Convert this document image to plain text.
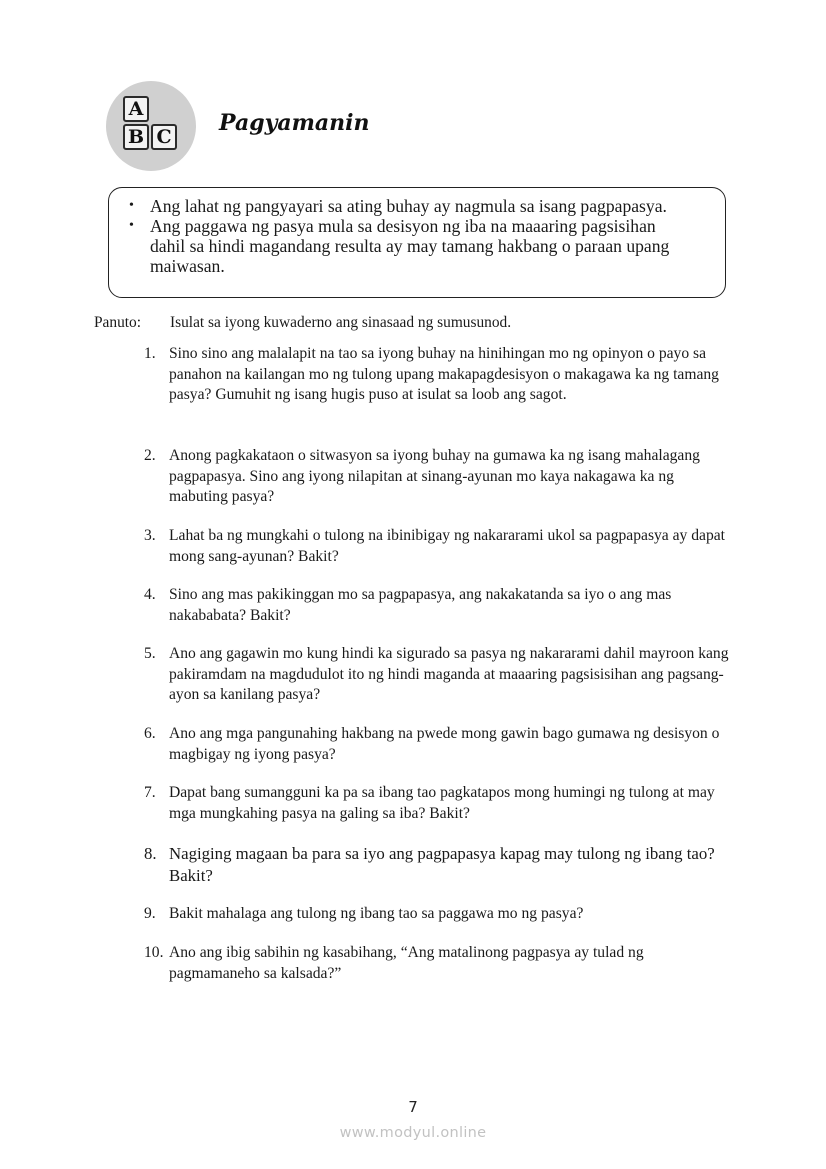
A
B C
Pagyamanin
• Ang lahat ng pangyayari sa ating buhay ay nagmula sa isang pagpapasya.
• Ang paggawa ng pasya mula sa desisyon ng iba na maaaring pagsisihan dahil sa hindi magandang resulta ay may tamang hakbang o paraan upang maiwasan.
Panuto: Isulat sa iyong kuwaderno ang sinasaad ng sumusunod.
1. Sino sino ang malalapit na tao sa iyong buhay na hinihingan mo ng opinyon o payo sa panahon na kailangan mo ng tulong upang makapagdesisyon o makagawa ka ng tamang pasya? Gumuhit ng isang hugis puso at isulat sa loob ang sagot.
2. Anong pagkakataon o sitwasyon sa iyong buhay na gumawa ka ng isang mahalagang pagpapasya. Sino ang iyong nilapitan at sinang-ayunan mo kaya nakagawa ka ng mabuting pasya?
3. Lahat ba ng mungkahi o tulong na ibinibigay ng nakararami ukol sa pagpapasya ay dapat mong sang-ayunan? Bakit?
4. Sino ang mas pakikinggan mo sa pagpapasya, ang nakakatanda sa iyo o ang mas nakababata? Bakit?
5. Ano ang gagawin mo kung hindi ka sigurado sa pasya ng nakararami dahil mayroon kang pakiramdam na magdudulot ito ng hindi maganda at maaaring pagsisisihan ang pagsang-ayon sa kanilang pasya?
6. Ano ang mga pangunahing hakbang na pwede mong gawin bago gumawa ng desisyon o magbigay ng iyong pasya?
7. Dapat bang sumangguni ka pa sa ibang tao pagkatapos mong humingi ng tulong at may mga mungkahing pasya na galing sa iba? Bakit?
8. Nagiging magaan ba para sa iyo ang pagpapasya kapag may tulong ng ibang tao? Bakit?
9. Bakit mahalaga ang tulong ng ibang tao sa paggawa mo ng pasya?
10. Ano ang ibig sabihin ng kasabihang, “Ang matalinong pagpasya ay tulad ng pagmamaneho sa kalsada?”
7
www.modyul.online
